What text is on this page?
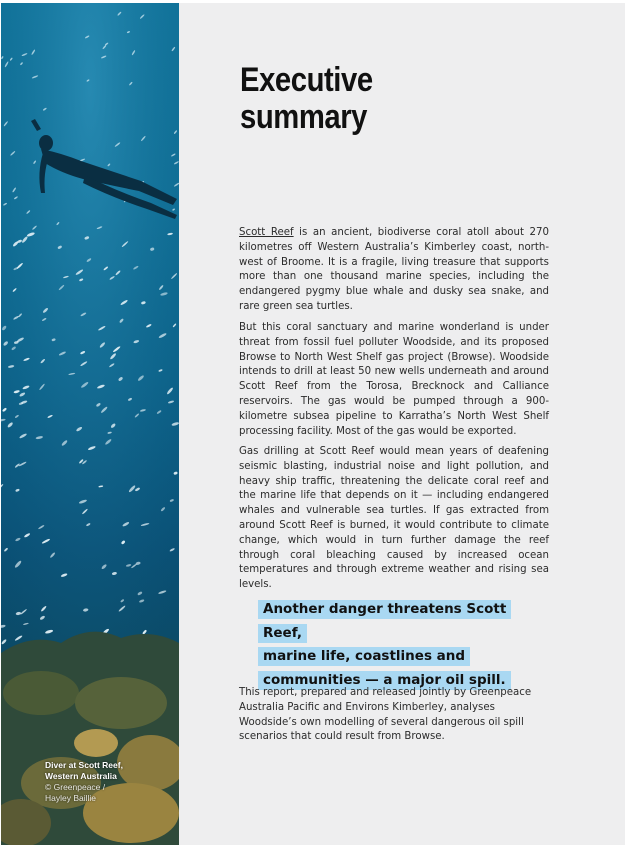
Diver at Scott Reef,
Western Australia
© Greenpeace /
Hayley Baillie
Executive summary

Scott Reef is an ancient, biodiverse coral atoll about 270 kilometres off Western Australia’s Kimberley coast, north-west of Broome. It is a fragile, living treasure that supports more than one thousand marine species, including the endangered pygmy blue whale and dusky sea snake, and rare green sea turtles.

But this coral sanctuary and marine wonderland is under threat from fossil fuel polluter Woodside, and its proposed Browse to North West Shelf gas project (Browse). Woodside intends to drill at least 50 new wells underneath and around Scott Reef from the Torosa, Brecknock and Calliance reservoirs. The gas would be pumped through a 900-kilometre subsea pipeline to Karratha’s North West Shelf processing facility. Most of the gas would be exported.

Gas drilling at Scott Reef would mean years of deafening seismic blasting, industrial noise and light pollution, and heavy ship traffic, threatening the delicate coral reef and the marine life that depends on it — including endangered whales and vulnerable sea turtles. If gas extracted from around Scott Reef is burned, it would contribute to climate change, which would in turn further damage the reef through coral bleaching caused by increased ocean temperatures and through extreme weather and rising sea levels.

Another danger threatens Scott Reef,
marine life, coastlines and
communities — a major oil spill.

This report, prepared and released jointly by Greenpeace Australia Pacific and Environs Kimberley, analyses Woodside’s own modelling of several dangerous oil spill scenarios that could result from Browse.
